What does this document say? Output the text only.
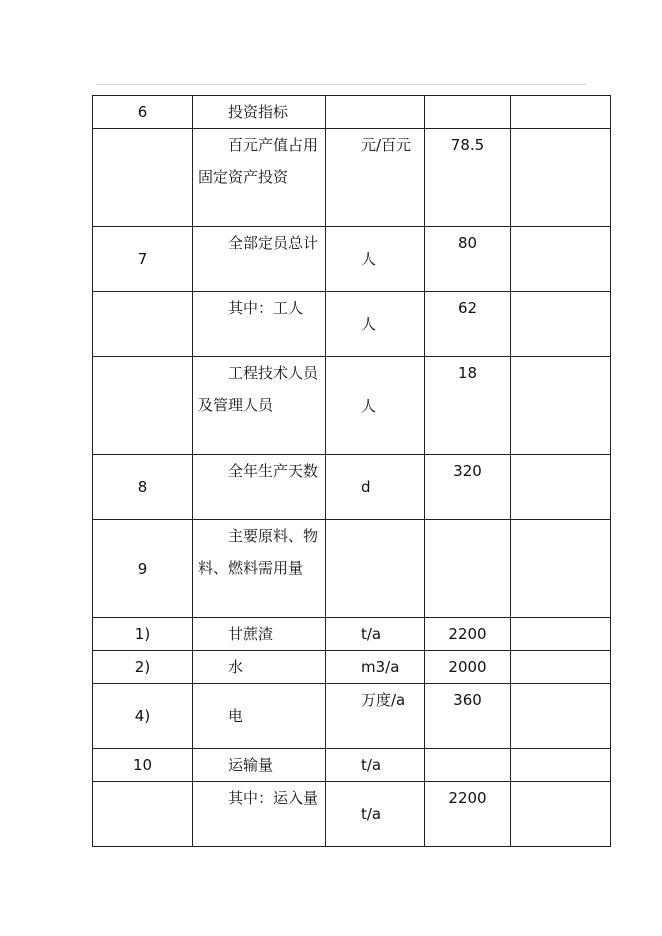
6	投资指标			
	百元产值占用固定资产投资	元/百元	78.5	
7	全部定员总计	人	80	
	其中：工人	人	62	
	工程技术人员及管理人员	人	18	
8	全年生产天数	d	320	
9	主要原料、物料、燃料需用量			
1)	甘蔗渣	t/a	2200	
2)	水	m3/a	2000	
4)	电	万度/a	360	
10	运输量	t/a		
	其中：运入量	t/a	2200	
